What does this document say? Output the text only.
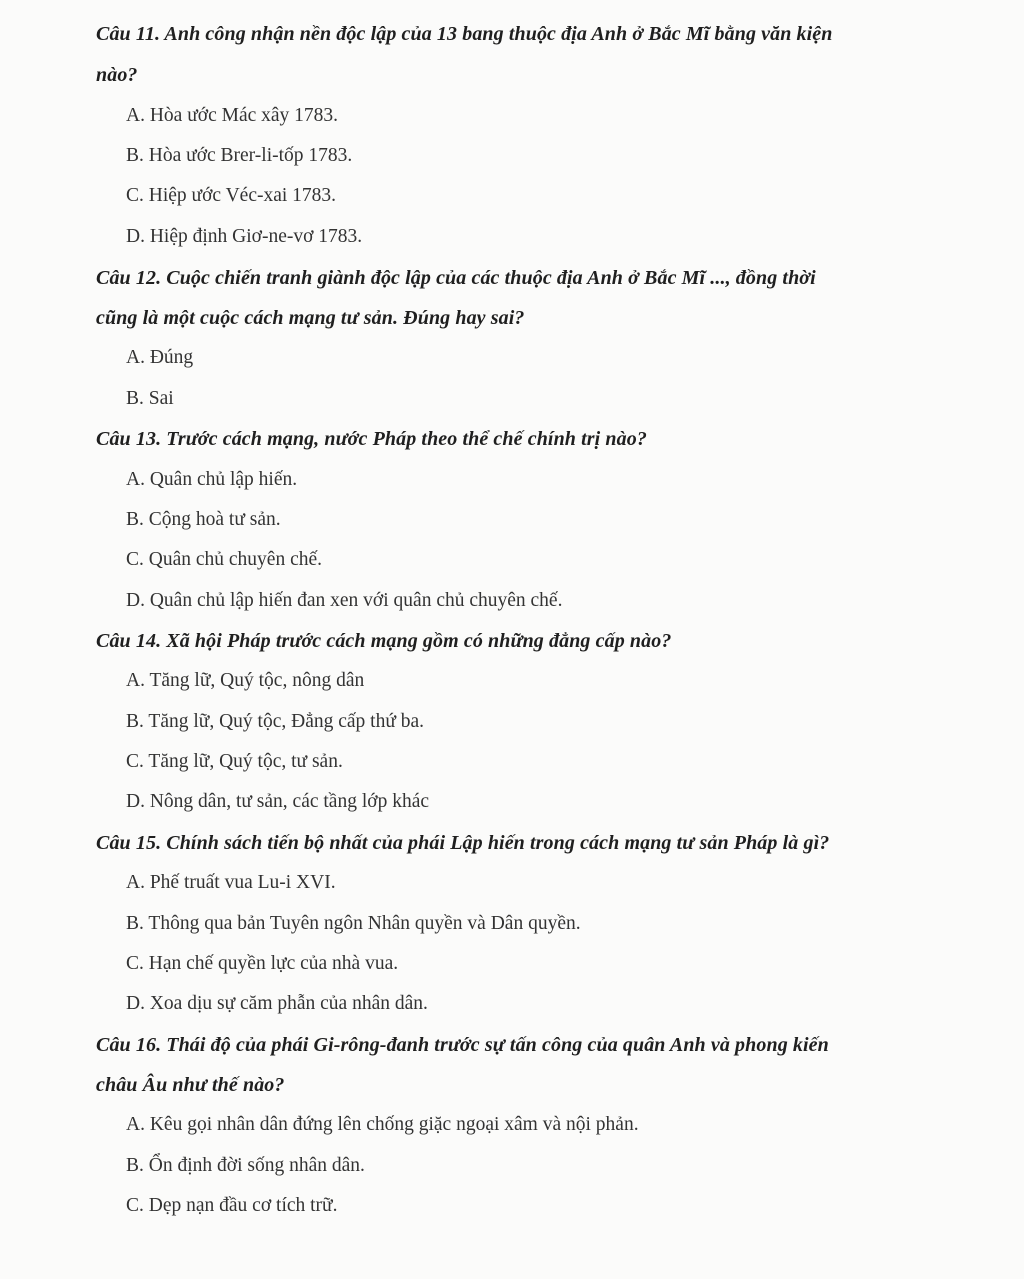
Câu 11. Anh công nhận nền độc lập của 13 bang thuộc địa Anh ở Bắc Mĩ bằng văn kiện
nào?
A. Hòa ước Mác xây 1783.
B. Hòa ước Brer-li-tốp 1783.
C. Hiệp ước Véc-xai 1783.
D. Hiệp định Giơ-ne-vơ 1783.
Câu 12. Cuộc chiến tranh giành độc lập của các thuộc địa Anh ở Bắc Mĩ ..., đồng thời
cũng là một cuộc cách mạng tư sản. Đúng hay sai?
A. Đúng
B. Sai
Câu 13. Trước cách mạng, nước Pháp theo thể chế chính trị nào?
A. Quân chủ lập hiến.
B. Cộng hoà tư sản.
C. Quân chủ chuyên chế.
D. Quân chủ lập hiến đan xen với quân chủ chuyên chế.
Câu 14. Xã hội Pháp trước cách mạng gồm có những đẳng cấp nào?
A. Tăng lữ, Quý tộc, nông dân
B. Tăng lữ, Quý tộc, Đẳng cấp thứ ba.
C. Tăng lữ, Quý tộc, tư sản.
D. Nông dân, tư sản, các tầng lớp khác
Câu 15. Chính sách tiến bộ nhất của phái Lập hiến trong cách mạng tư sản Pháp là gì?
A. Phế truất vua Lu-i XVI.
B. Thông qua bản Tuyên ngôn Nhân quyền và Dân quyền.
C. Hạn chế quyền lực của nhà vua.
D. Xoa dịu sự căm phẫn của nhân dân.
Câu 16. Thái độ của phái Gi-rông-đanh trước sự tấn công của quân Anh và phong kiến
châu Âu như thế nào?
A. Kêu gọi nhân dân đứng lên chống giặc ngoại xâm và nội phản.
B. Ổn định đời sống nhân dân.
C. Dẹp nạn đầu cơ tích trữ.
